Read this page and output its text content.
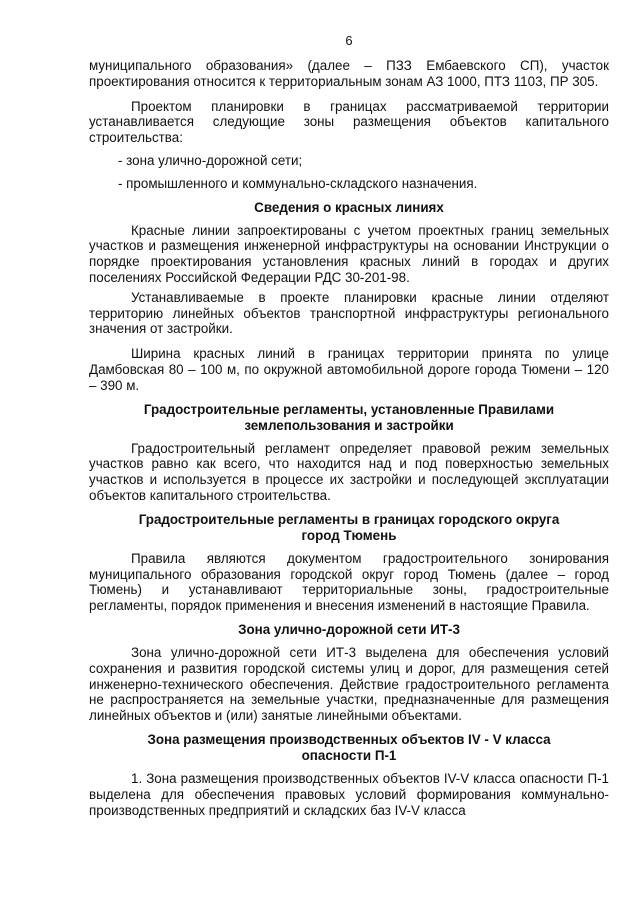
6

муниципального образования» (далее – ПЗЗ Ембаевского СП), участок проектирования относится к территориальным зонам АЗ 1000, ПТЗ 1103, ПР 305.

Проектом планировки в границах рассматриваемой территории устанавливается следующие зоны размещения объектов капитального строительства:

- зона улично-дорожной сети;

- промышленного и коммунально-складского назначения.

Сведения о красных линиях

Красные линии запроектированы с учетом проектных границ земельных участков и размещения инженерной инфраструктуры на основании Инструкции о порядке проектирования установления красных линий в городах и других поселениях Российской Федерации РДС 30-201-98.

Устанавливаемые в проекте планировки красные линии отделяют территорию линейных объектов транспортной инфраструктуры регионального значения от застройки.

Ширина красных линий в границах территории принята по улице Дамбовская 80 – 100 м, по окружной автомобильной дороге города Тюмени – 120 – 390 м.

Градостроительные регламенты, установленные Правилами
землепользования и застройки

Градостроительный регламент определяет правовой режим земельных участков равно как всего, что находится над и под поверхностью земельных участков и используется в процессе их застройки и последующей эксплуатации объектов капитального строительства.

Градостроительные регламенты в границах городского округа
город Тюмень

Правила являются документом градостроительного зонирования муниципального образования городской округ город Тюмень (далее – город Тюмень) и устанавливают территориальные зоны, градостроительные регламенты, порядок применения и внесения изменений в настоящие Правила.

Зона улично-дорожной сети ИТ-3

Зона улично-дорожной сети ИТ-3 выделена для обеспечения условий сохранения и развития городской системы улиц и дорог, для размещения сетей инженерно-технического обеспечения. Действие градостроительного регламента не распространяется на земельные участки, предназначенные для размещения линейных объектов и (или) занятые линейными объектами.

Зона размещения производственных объектов IV - V класса
опасности П-1

1. Зона размещения производственных объектов IV-V класса опасности П-1 выделена для обеспечения правовых условий формирования коммунально-производственных предприятий и складских баз IV-V класса
